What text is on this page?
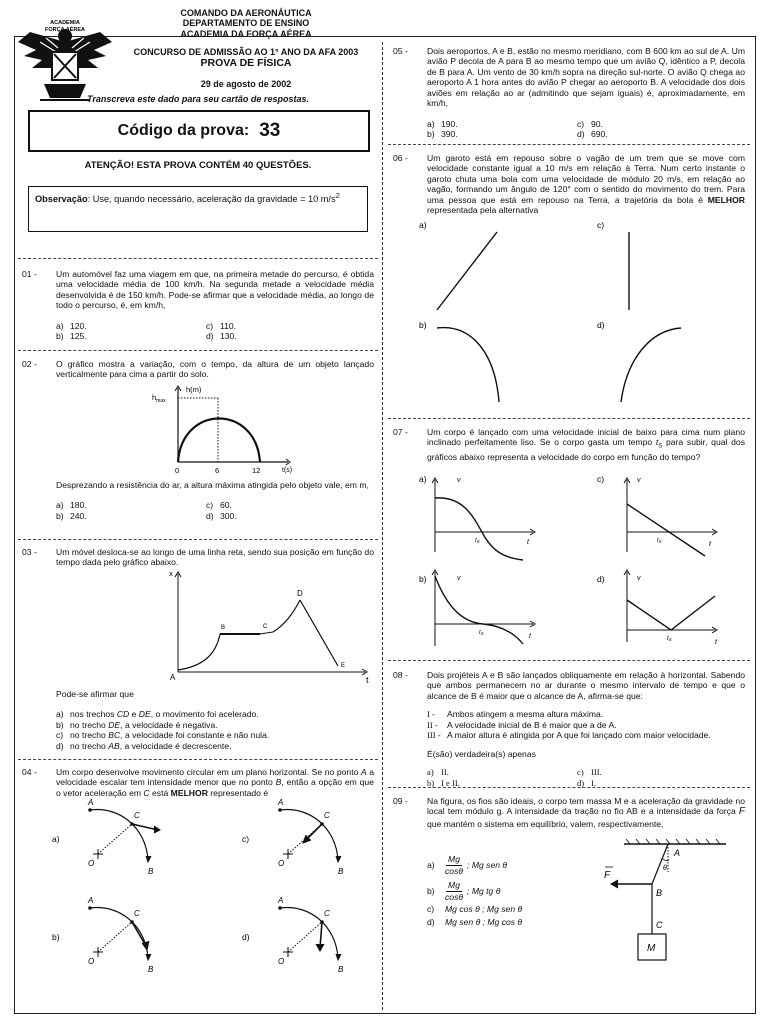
ACADEMIA
FORÇA AÉREA
COMANDO DA AERONÁUTICA
DEPARTAMENTO DE ENSINO
ACADEMIA DA FORÇA AÉREA
CONCURSO DE ADMISSÃO AO 1° ANO DA AFA 2003
PROVA DE FÍSICA
29 de agosto de 2002
Transcreva este dado para seu cartão de respostas.
Código da prova: 33
ATENÇÃO! ESTA PROVA CONTÉM 40 QUESTÕES.
Observação: Use, quando necessário, aceleração da gravidade = 10 $m/s^2$
01 -	Um automóvel faz uma viagem em que, na primeira metade do percurso, é obtida uma velocidade média de 100 km/h. Na segunda metade a velocidade média desenvolvida é de 150 km/h. Pode-se afirmar que a velocidade média, ao longo de todo o percurso, é, em km/h,
a) 120.	c) 110.
b) 125.	d) 130.
02 -	O gráfico mostra a variação, com o tempo, da altura de um objeto lançado verticalmente para cima a partir do solo.
h(m)
$h_{max}$
t(s)
0	6	12
Desprezando a resistência do ar, a altura máxima atingida pelo objeto vale, em m,
a) 180.	c) 60.
b) 240.	d) 300.
03 -	Um móvel desloca-se ao longo de uma linha reta, sendo sua posição em função do tempo dada pelo gráfico abaixo.
x
t
A
B	C
D
E
Pode-se afirmar que
a) nos trechos CD e DE, o movimento foi acelerado.
b) no trecho DE, a velocidade é negativa.
c) no trecho BC, a velocidade foi constante e não nula.
d) no trecho AB, a velocidade é decrescente.
04 -	Um corpo desenvolve movimento circular em um plano horizontal. Se no ponto A a velocidade escalar tem intensidade menor que no ponto B, então a opção em que o vetor aceleração em C está MELHOR representado é
a)
A
B
C
O
c)
A
B
C
O
b)
A
B
C
O
d)
A
B
C
O
05 -	Dois aeroportos, A e B, estão no mesmo meridiano, com B 600 km ao sul de A. Um avião P decola de A para B ao mesmo tempo que um avião Q, idêntico a P, decola de B para A. Um vento de 30 km/h sopra na direção sul-norte. O avião Q chega ao aeroporto A 1 hora antes do avião P chegar ao aeroporto B. A velocidade dos dois aviões em relação ao ar (admitindo que sejam iguais) é, aproximadamente, em km/h,
a) 190.	c) 90.
b) 390.	d) 690.
06 -	Um garoto está em repouso sobre o vagão de um trem que se move com velocidade constante igual a 10 m/s em relação à Terra. Num certo instante o garoto chuta uma bola com uma velocidade de módulo 20 m/s, em relação ao vagão, formando um ângulo de 120° com o sentido do movimento do trem. Para uma pessoa que está em repouso na Terra, a trajetória da bola é MELHOR representada pela alternativa
a)	c)
b)	d)
07 -	Um corpo é lançado com uma velocidade inicial de baixo para cima num plano inclinado perfeitamente liso. Se o corpo gasta um tempo $t_S$ para subir, qual dos gráficos abaixo representa a velocidade do corpo em função do tempo?
a)	v
t
tS
c)	v
t
tS
b)	v
t
tS
d)	v
t
tS
08 -	Dois projéteis A e B são lançados obliquamente em relação à horizontal. Sabendo que ambos permanecem no ar durante o mesmo intervalo de tempo e que o alcance de B é maior que o alcance de A, afirma-se que:
I - Ambos atingem a mesma altura máxima.
II - A velocidade inicial de B é maior que a de A.
III - A maior altura é atingida por A que foi lançado com maior velocidade.
É(são) verdadeira(s) apenas
a) II.	c) III.
b) I e II.	d) I.
09 -	Na figura, os fios são ideais, o corpo tem massa M e a aceleração da gravidade no local tem módulo g. A intensidade da tração no fio AB e a intensidade da força F que mantém o sistema em equilíbrio, valem, respectivamente,
a)
Mg
cosθ
; Mg sen θ
b)
Mg
cosθ
; Mg tg θ
c) Mg cos θ ; Mg sen θ
d) Mg sen θ ; Mg cos θ
A
B
C
M
θ
F
